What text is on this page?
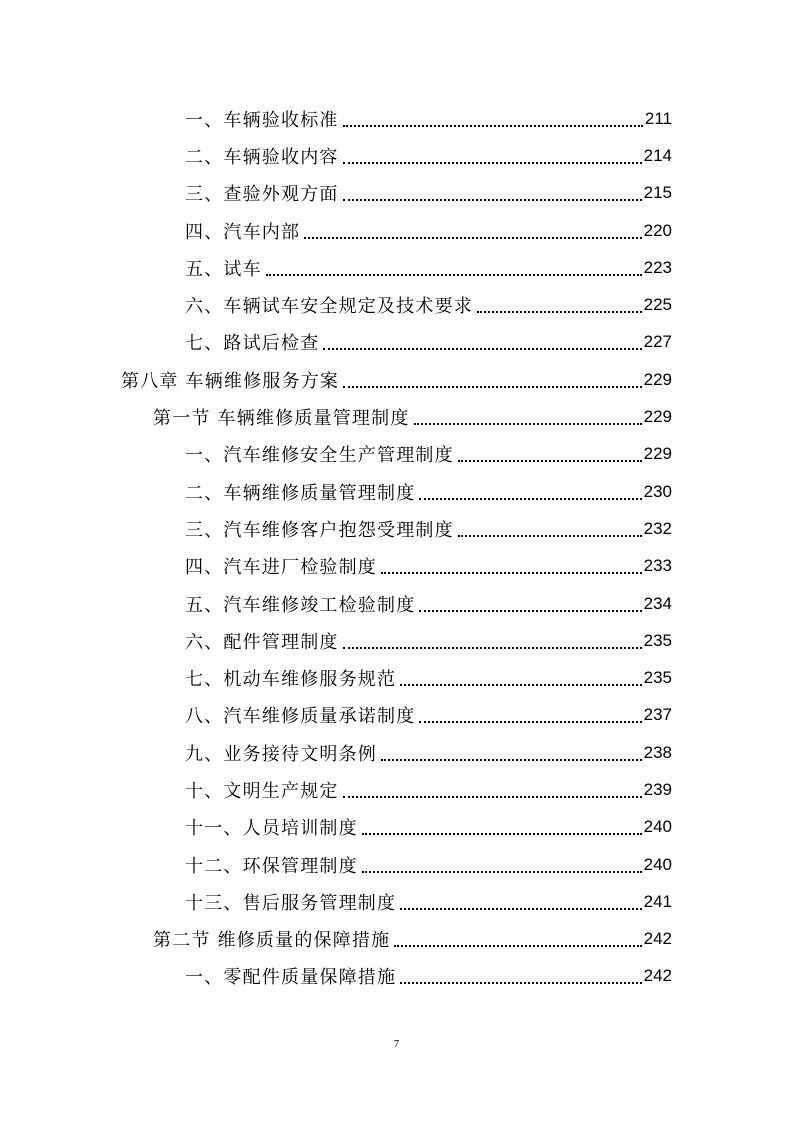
一、车辆验收标准	211
二、车辆验收内容	214
三、查验外观方面	215
四、汽车内部	220
五、试车	223
六、车辆试车安全规定及技术要求	225
七、路试后检查	227
第八章 车辆维修服务方案	229
第一节 车辆维修质量管理制度	229
一、汽车维修安全生产管理制度	229
二、车辆维修质量管理制度	230
三、汽车维修客户抱怨受理制度	232
四、汽车进厂检验制度	233
五、汽车维修竣工检验制度	234
六、配件管理制度	235
七、机动车维修服务规范	235
八、汽车维修质量承诺制度	237
九、业务接待文明条例	238
十、文明生产规定	239
十一、人员培训制度	240
十二、环保管理制度	240
十三、售后服务管理制度	241
第二节 维修质量的保障措施	242
一、零配件质量保障措施	242
7
